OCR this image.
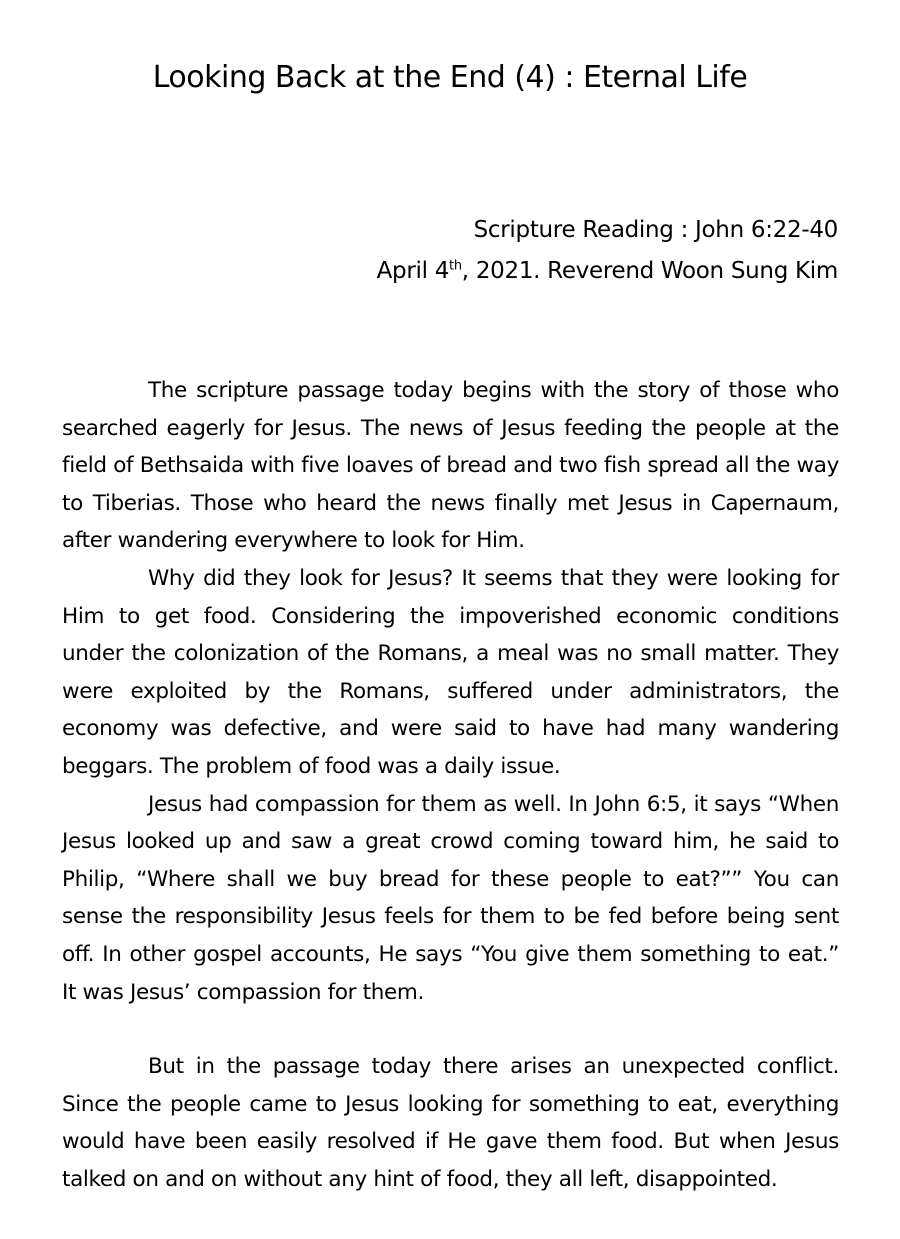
Looking Back at the End (4) : Eternal Life
Scripture Reading : John 6:22-40
April 4th, 2021. Reverend Woon Sung Kim

The scripture passage today begins with the story of those who searched eagerly for Jesus. The news of Jesus feeding the people at the field of Bethsaida with five loaves of bread and two fish spread all the way to Tiberias. Those who heard the news finally met Jesus in Capernaum, after wandering everywhere to look for Him.

Why did they look for Jesus? It seems that they were looking for Him to get food. Considering the impoverished economic conditions under the colonization of the Romans, a meal was no small matter. They were exploited by the Romans, suffered under administrators, the economy was defective, and were said to have had many wandering beggars. The problem of food was a daily issue.

Jesus had compassion for them as well. In John 6:5, it says “When Jesus looked up and saw a great crowd coming toward him, he said to Philip, “Where shall we buy bread for these people to eat?”” You can sense the responsibility Jesus feels for them to be fed before being sent off. In other gospel accounts, He says “You give them something to eat.” It was Jesus’ compassion for them.

But in the passage today there arises an unexpected conflict. Since the people came to Jesus looking for something to eat, everything would have been easily resolved if He gave them food. But when Jesus talked on and on without any hint of food, they all left, disappointed.
